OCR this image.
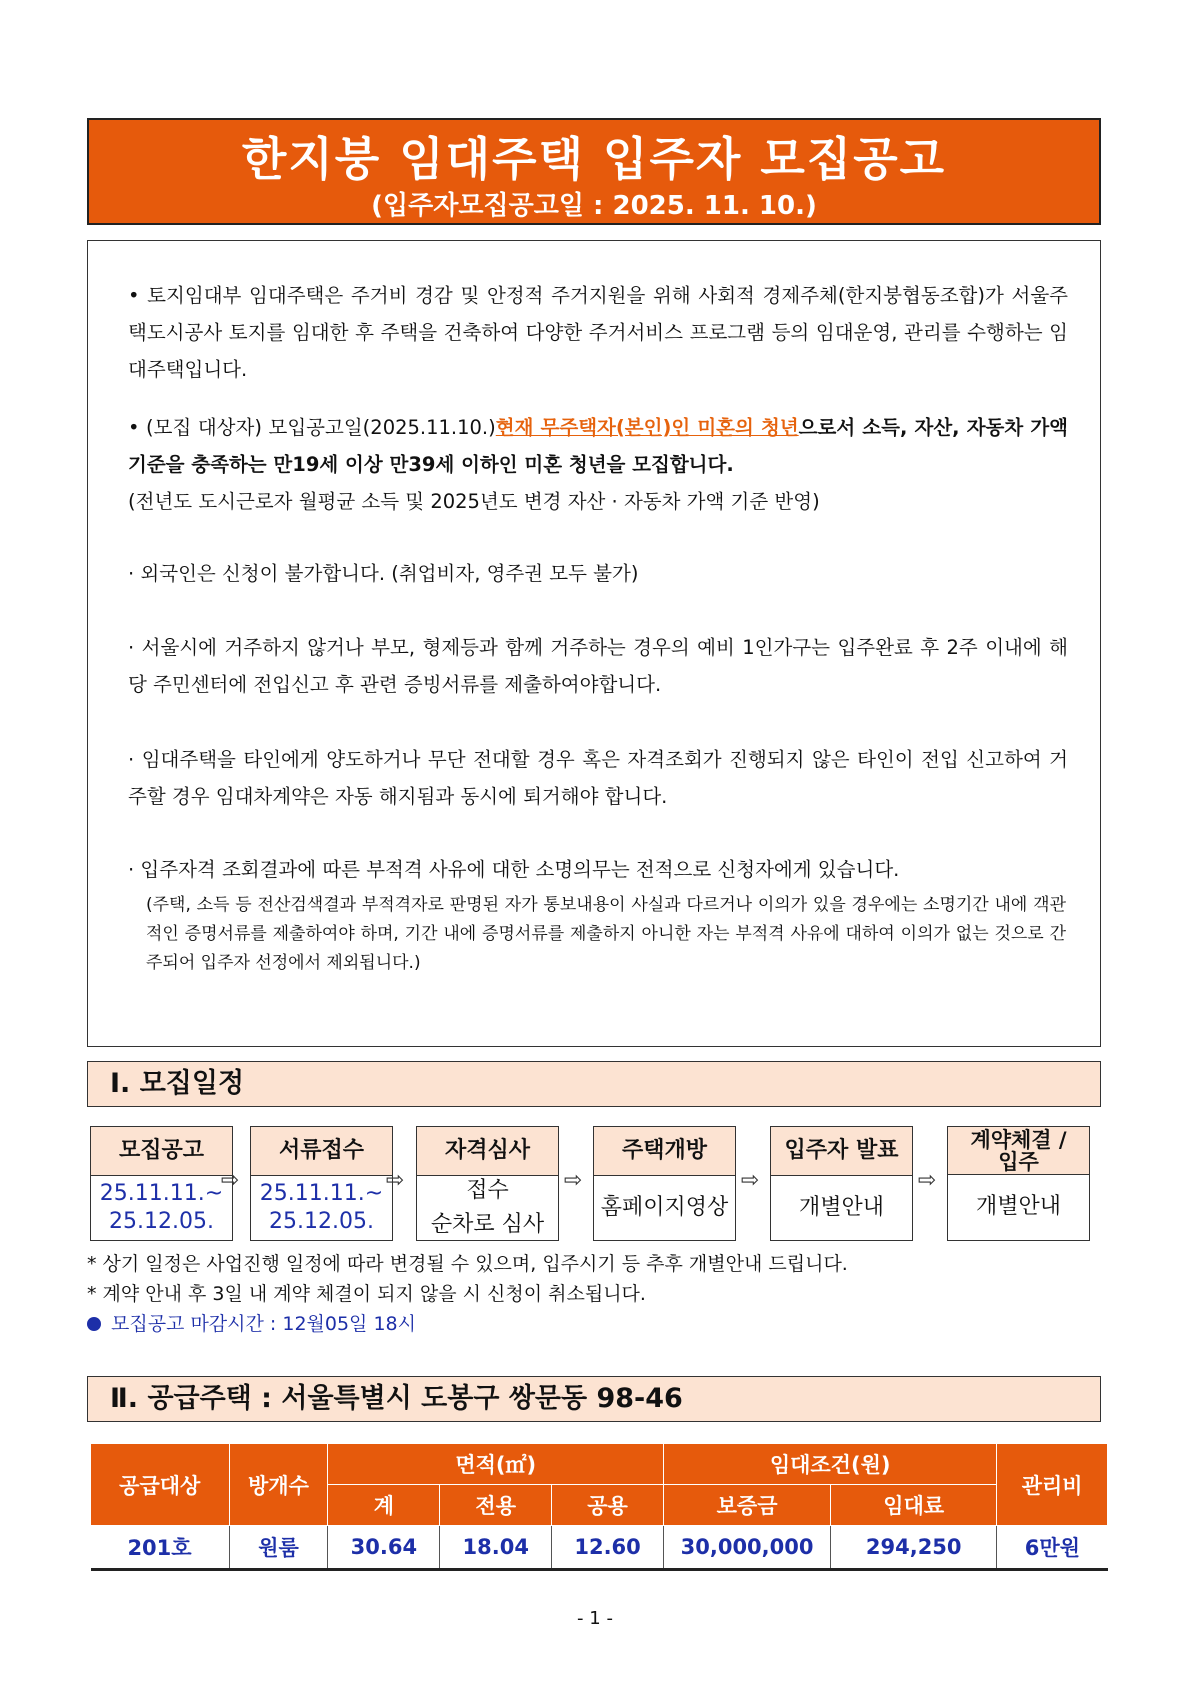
한지붕 임대주택 입주자 모집공고
(입주자모집공고일 : 2025. 11. 10.)
• 토지임대부 임대주택은 주거비 경감 및 안정적 주거지원을 위해 사회적 경제주체(한지붕협동조합)가 서울주택도시공사 토지를 임대한 후 주택을 건축하여 다양한 주거서비스 프로그램 등의 임대운영, 관리를 수행하는 임대주택입니다.
• (모집 대상자) 모입공고일(2025.11.10.)현재 무주택자(본인)인 미혼의 청년으로서 소득, 자산, 자동차 가액 기준을 충족하는 만19세 이상 만39세 이하인 미혼 청년을 모집합니다.
(전년도 도시근로자 월평균 소득 및 2025년도 변경 자산 · 자동차 가액 기준 반영)
· 외국인은 신청이 불가합니다. (취업비자, 영주권 모두 불가)
· 서울시에 거주하지 않거나 부모, 형제등과 함께 거주하는 경우의 예비 1인가구는 입주완료 후 2주 이내에 해당 주민센터에 전입신고 후 관련 증빙서류를 제출하여야합니다.
· 임대주택을 타인에게 양도하거나 무단 전대할 경우 혹은 자격조회가 진행되지 않은 타인이 전입 신고하여 거주할 경우 임대차계약은 자동 해지됨과 동시에 퇴거해야 합니다.
· 입주자격 조회결과에 따른 부적격 사유에 대한 소명의무는 전적으로 신청자에게 있습니다.
(주택, 소득 등 전산검색결과 부적격자로 판명된 자가 통보내용이 사실과 다르거나 이의가 있을 경우에는 소명기간 내에 객관적인 증명서류를 제출하여야 하며, 기간 내에 증명서류를 제출하지 아니한 자는 부적격 사유에 대하여 이의가 없는 것으로 간주되어 입주자 선정에서 제외됩니다.)
Ⅰ. 모집일정
모집공고
25.11.11.~
25.12.05.
⇨
서류접수
25.11.11.~
25.12.05.
⇨
자격심사
접수
순차로 심사
⇨
주택개방
홈페이지영상
⇨
입주자 발표
개별안내
⇨
계약체결 /
입주
개별안내
* 상기 일정은 사업진행 일정에 따라 변경될 수 있으며, 입주시기 등 추후 개별안내 드립니다.
* 계약 안내 후 3일 내 계약 체결이 되지 않을 시 신청이 취소됩니다.
모집공고 마감시간 : 12월05일 18시
Ⅱ. 공급주택 : 서울특별시 도봉구 쌍문동 98-46
공급대상	방개수	면적(㎡)			임대조건(원)		관리비
		계	전용	공용	보증금	임대료	
201호	원룸	30.64	18.04	12.60	30,000,000	294,250	6만원
- 1 -
